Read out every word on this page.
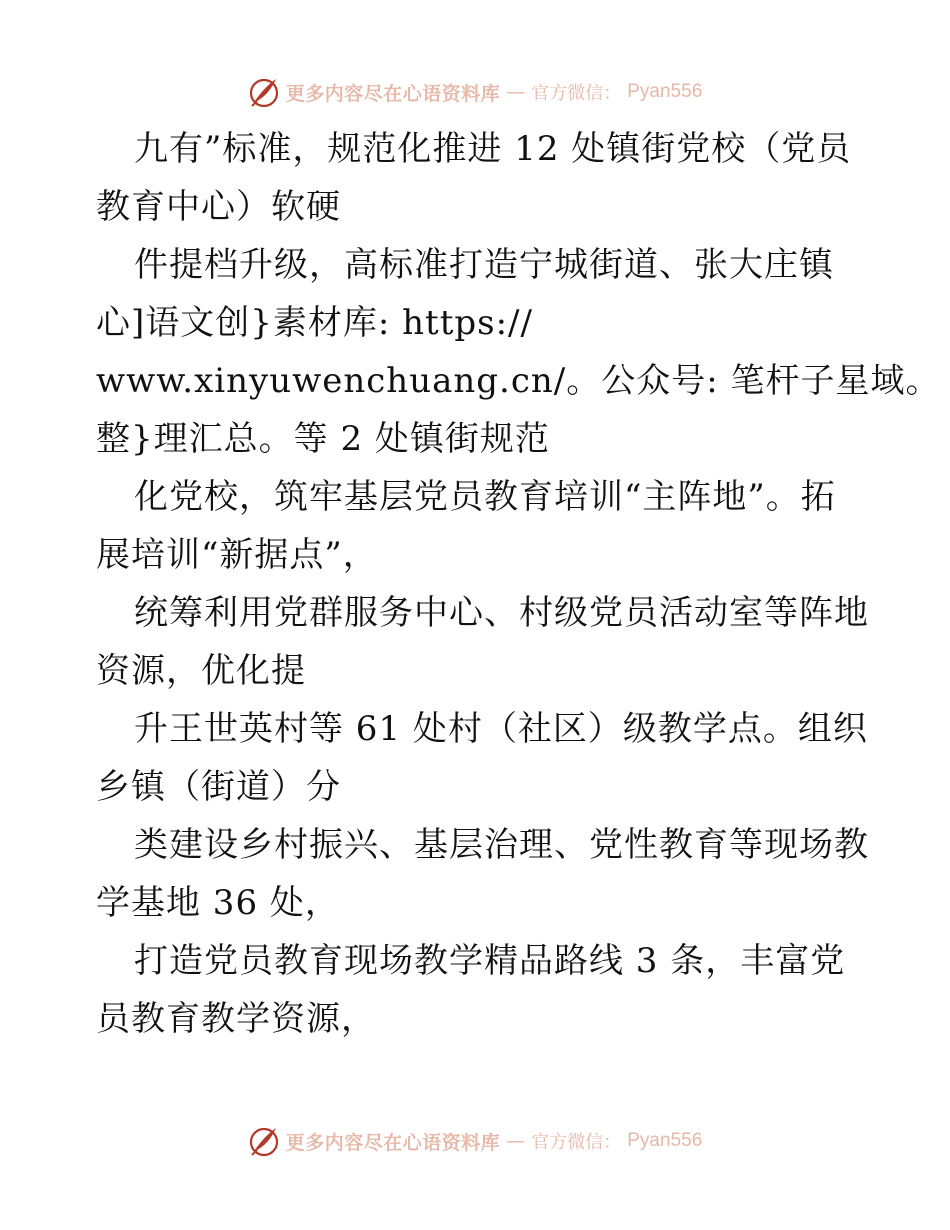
更多内容尽在心语资料库 — 官方微信： Pyan556
九有”标准，规范化推进 12 处镇街党校（党员
教育中心）软硬
件提档升级，高标准打造宁城街道、张大庄镇
心]语文创}素材库: https://
www.xinyuwenchuang.cn/。公众号: 笔杆子星域。
整}理汇总。等 2 处镇街规范
化党校，筑牢基层党员教育培训“主阵地”。拓
展培训“新据点”，
统筹利用党群服务中心、村级党员活动室等阵地
资源，优化提
升王世英村等 61 处村（社区）级教学点。组织
乡镇（街道）分
类建设乡村振兴、基层治理、党性教育等现场教
学基地 36 处，
打造党员教育现场教学精品路线 3 条，丰富党
员教育教学资源，
更多内容尽在心语资料库 — 官方微信： Pyan556
